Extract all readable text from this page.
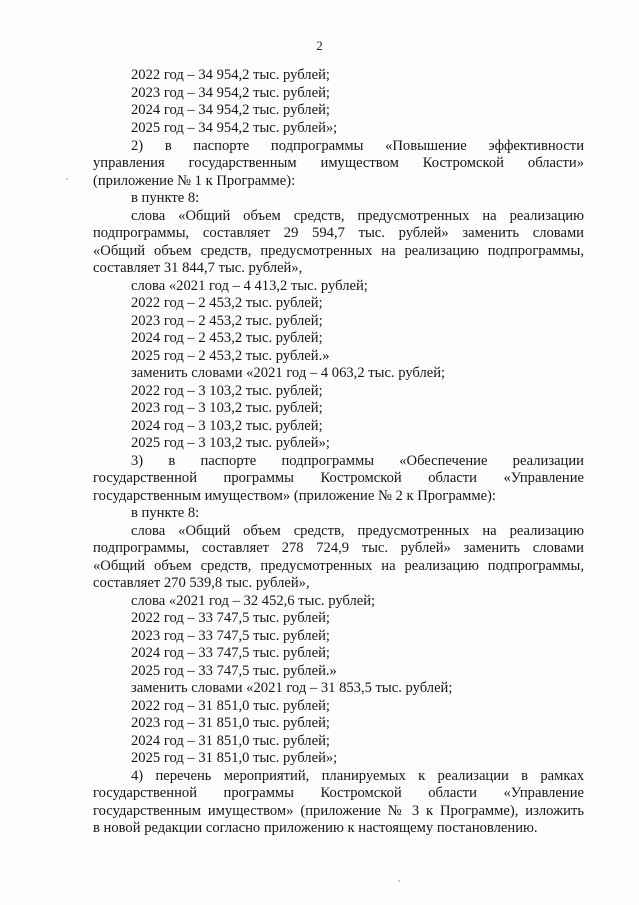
2
2022 год – 34 954,2 тыс. рублей;
2023 год – 34 954,2 тыс. рублей;
2024 год – 34 954,2 тыс. рублей;
2025 год – 34 954,2 тыс. рублей»;
2) в паспорте подпрограммы «Повышение эффективности
управления государственным имуществом Костромской области»
(приложение № 1 к Программе):
в пункте 8:
слова «Общий объем средств, предусмотренных на реализацию
подпрограммы, составляет 29 594,7 тыс. рублей» заменить словами
«Общий объем средств, предусмотренных на реализацию подпрограммы,
составляет 31 844,7 тыс. рублей»,
слова «2021 год – 4 413,2 тыс. рублей;
2022 год – 2 453,2 тыс. рублей;
2023 год – 2 453,2 тыс. рублей;
2024 год – 2 453,2 тыс. рублей;
2025 год – 2 453,2 тыс. рублей.»
заменить словами «2021 год – 4 063,2 тыс. рублей;
2022 год – 3 103,2 тыс. рублей;
2023 год – 3 103,2 тыс. рублей;
2024 год – 3 103,2 тыс. рублей;
2025 год – 3 103,2 тыс. рублей»;
3) в паспорте подпрограммы «Обеспечение реализации
государственной программы Костромской области «Управление
государственным имуществом» (приложение № 2 к Программе):
в пункте 8:
слова «Общий объем средств, предусмотренных на реализацию
подпрограммы, составляет 278 724,9 тыс. рублей» заменить словами
«Общий объем средств, предусмотренных на реализацию подпрограммы,
составляет 270 539,8 тыс. рублей»,
слова «2021 год – 32 452,6 тыс. рублей;
2022 год – 33 747,5 тыс. рублей;
2023 год – 33 747,5 тыс. рублей;
2024 год – 33 747,5 тыс. рублей;
2025 год – 33 747,5 тыс. рублей.»
заменить словами «2021 год – 31 853,5 тыс. рублей;
2022 год – 31 851,0 тыс. рублей;
2023 год – 31 851,0 тыс. рублей;
2024 год – 31 851,0 тыс. рублей;
2025 год – 31 851,0 тыс. рублей»;
4) перечень мероприятий, планируемых к реализации в рамках
государственной программы Костромской области «Управление
государственным имуществом» (приложение № 3 к Программе), изложить
в новой редакции согласно приложению к настоящему постановлению.
